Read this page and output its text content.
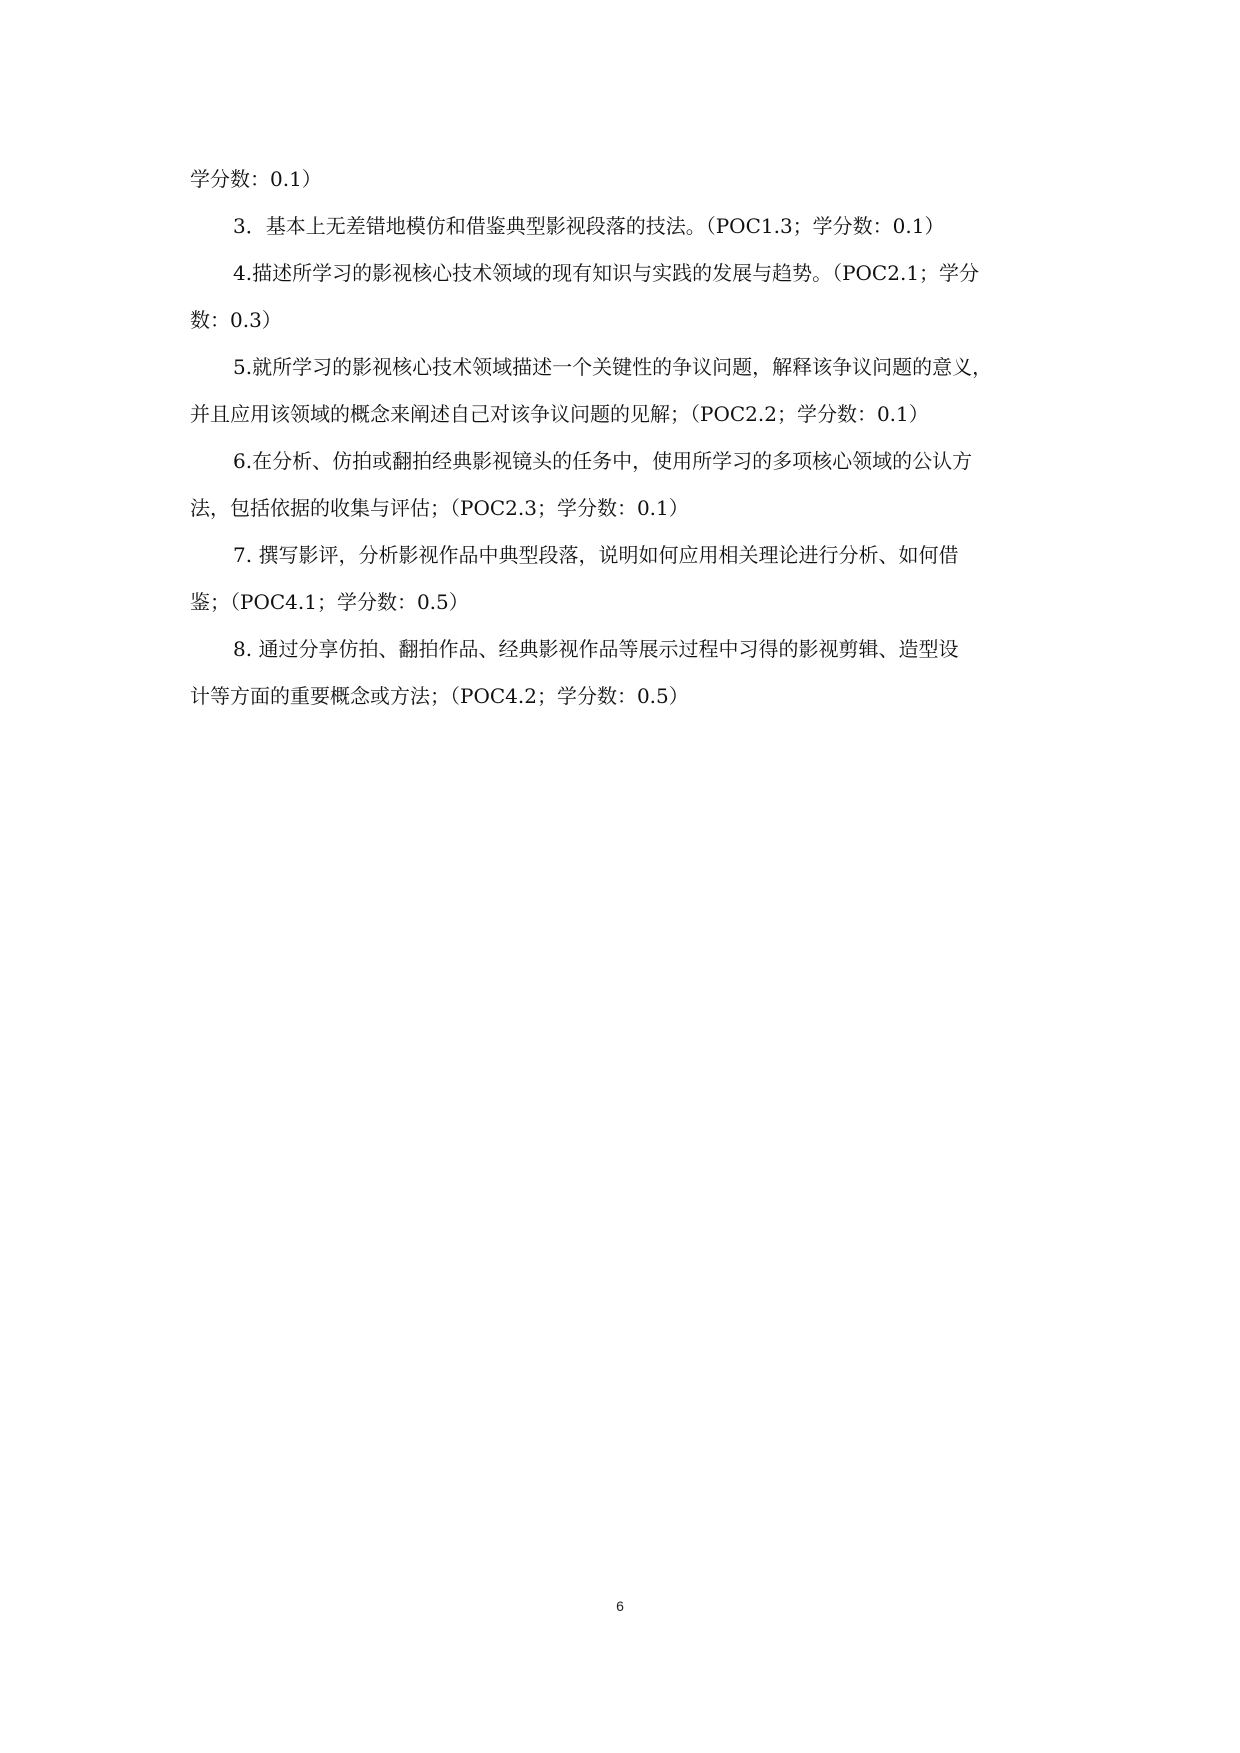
学分数：0.1）
3．基本上无差错地模仿和借鉴典型影视段落的技法。（POC1.3；学分数：0.1）
4.描述所学习的影视核心技术领域的现有知识与实践的发展与趋势。（POC2.1；学分
数：0.3）
5.就所学习的影视核心技术领域描述一个关键性的争议问题，解释该争议问题的意义，
并且应用该领域的概念来阐述自己对该争议问题的见解；（POC2.2；学分数：0.1）
6.在分析、仿拍或翻拍经典影视镜头的任务中，使用所学习的多项核心领域的公认方
法，包括依据的收集与评估；（POC2.3；学分数：0.1）
7. 撰写影评，分析影视作品中典型段落，说明如何应用相关理论进行分析、如何借
鉴；（POC4.1；学分数：0.5）
8. 通过分享仿拍、翻拍作品、经典影视作品等展示过程中习得的影视剪辑、造型设
计等方面的重要概念或方法；（POC4.2；学分数：0.5）
6
